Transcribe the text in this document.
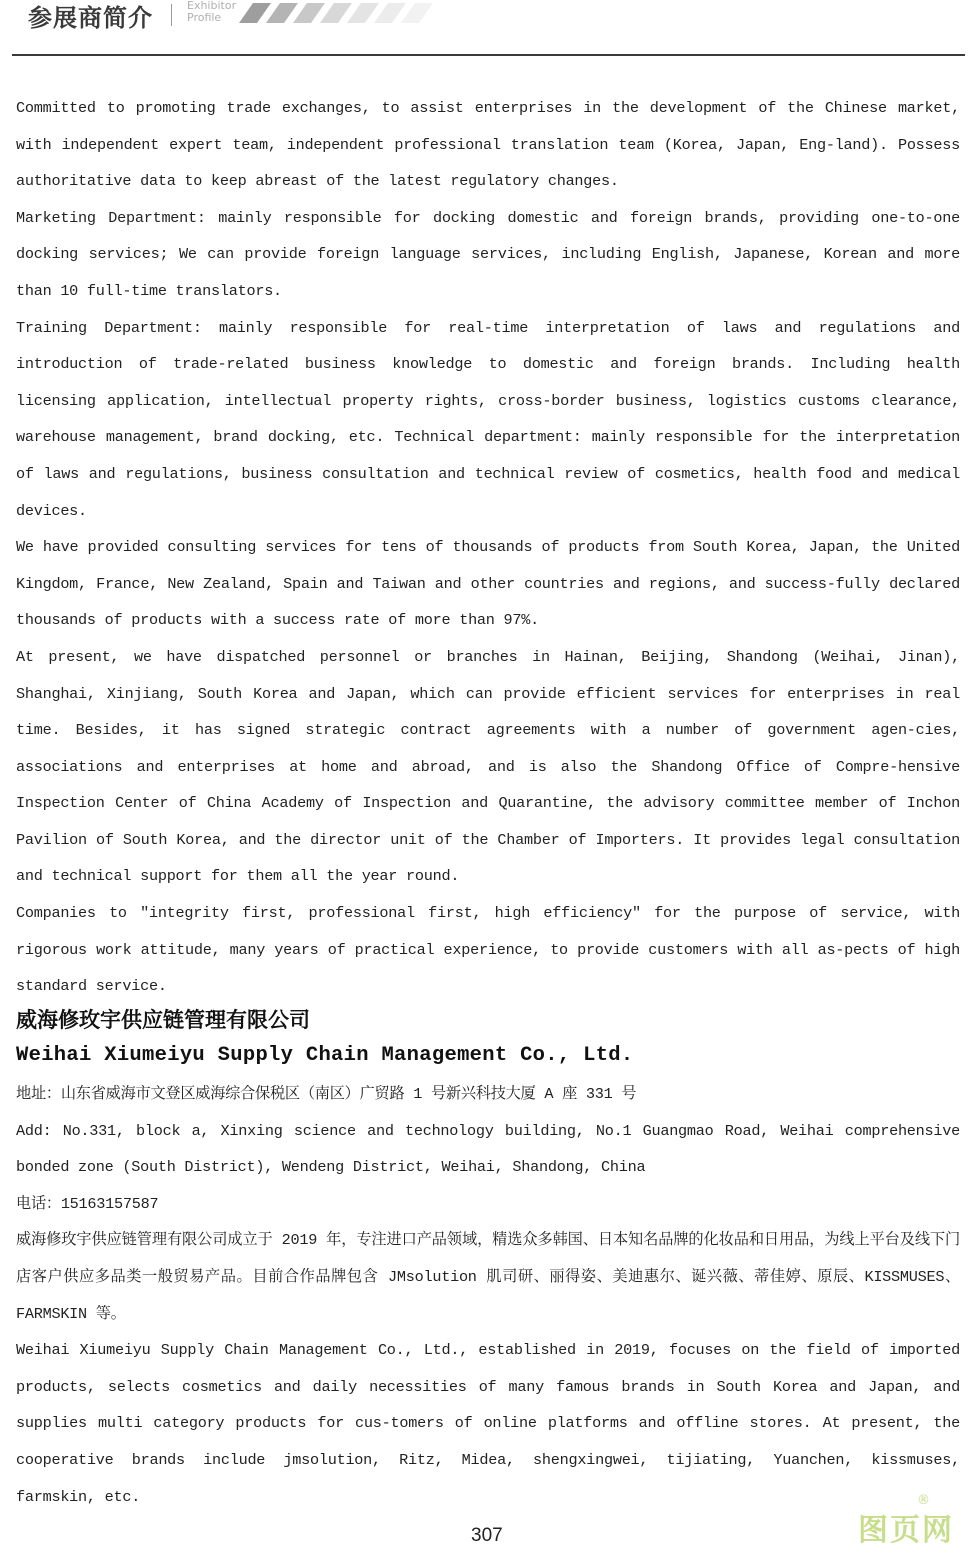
参展商简介	Exhibitor
Profile

Committed to promoting trade exchanges, to assist enterprises in the development of the Chinese market, with independent expert team, independent professional translation team (Korea, Japan, Eng-land). Possess authoritative data to keep abreast of the latest regulatory changes.

Marketing Department: mainly responsible for docking domestic and foreign brands, providing one-to-one docking services; We can provide foreign language services, including English, Japanese, Korean and more than 10 full-time translators.

Training Department: mainly responsible for real-time interpretation of laws and regulations and introduction of trade-related business knowledge to domestic and foreign brands. Including health licensing application, intellectual property rights, cross-border business, logistics customs clearance, warehouse management, brand docking, etc. Technical department: mainly responsible for the interpretation of laws and regulations, business consultation and technical review of cosmetics, health food and medical devices.

We have provided consulting services for tens of thousands of products from South Korea, Japan, the United Kingdom, France, New Zealand, Spain and Taiwan and other countries and regions, and success-fully declared thousands of products with a success rate of more than 97%.

At present, we have dispatched personnel or branches in Hainan, Beijing, Shandong (Weihai, Jinan), Shanghai, Xinjiang, South Korea and Japan, which can provide efficient services for enterprises in real time. Besides, it has signed strategic contract agreements with a number of government agen-cies, associations and enterprises at home and abroad, and is also the Shandong Office of Compre-hensive Inspection Center of China Academy of Inspection and Quarantine, the advisory committee member of Inchon Pavilion of South Korea, and the director unit of the Chamber of Importers. It provides legal consultation and technical support for them all the year round.

Companies to "integrity first, professional first, high efficiency" for the purpose of service, with rigorous work attitude, many years of practical experience, to provide customers with all as-pects of high standard service.

威海修玫宇供应链管理有限公司
Weihai Xiumeiyu Supply Chain Management Co., Ltd.

地址：山东省威海市文登区威海综合保税区（南区）广贸路 1 号新兴科技大厦 A 座 331 号

Add: No.331, block a, Xinxing science and technology building, No.1 Guangmao Road, Weihai comprehensive bonded zone (South District), Wendeng District, Weihai, Shandong, China

电话：15163157587

威海修玫宇供应链管理有限公司成立于 2019 年，专注进口产品领域，精选众多韩国、日本知名品牌的化妆品和日用品，为线上平台及线下门店客户供应多品类一般贸易产品。目前合作品牌包含 JMsolution 肌司研、丽得姿、美迪惠尔、诞兴薇、蒂佳婷、原辰、KISSMUSES、FARMSKIN 等。

Weihai Xiumeiyu Supply Chain Management Co., Ltd., established in 2019, focuses on the field of imported products, selects cosmetics and daily necessities of many famous brands in South Korea and Japan, and supplies multi category products for cus-tomers of online platforms and offline stores. At present, the cooperative brands include jmsolution, Ritz, Midea, shengxingwei, tijiating, Yuanchen, kissmuses, farmskin, etc.

307	图页网
®
